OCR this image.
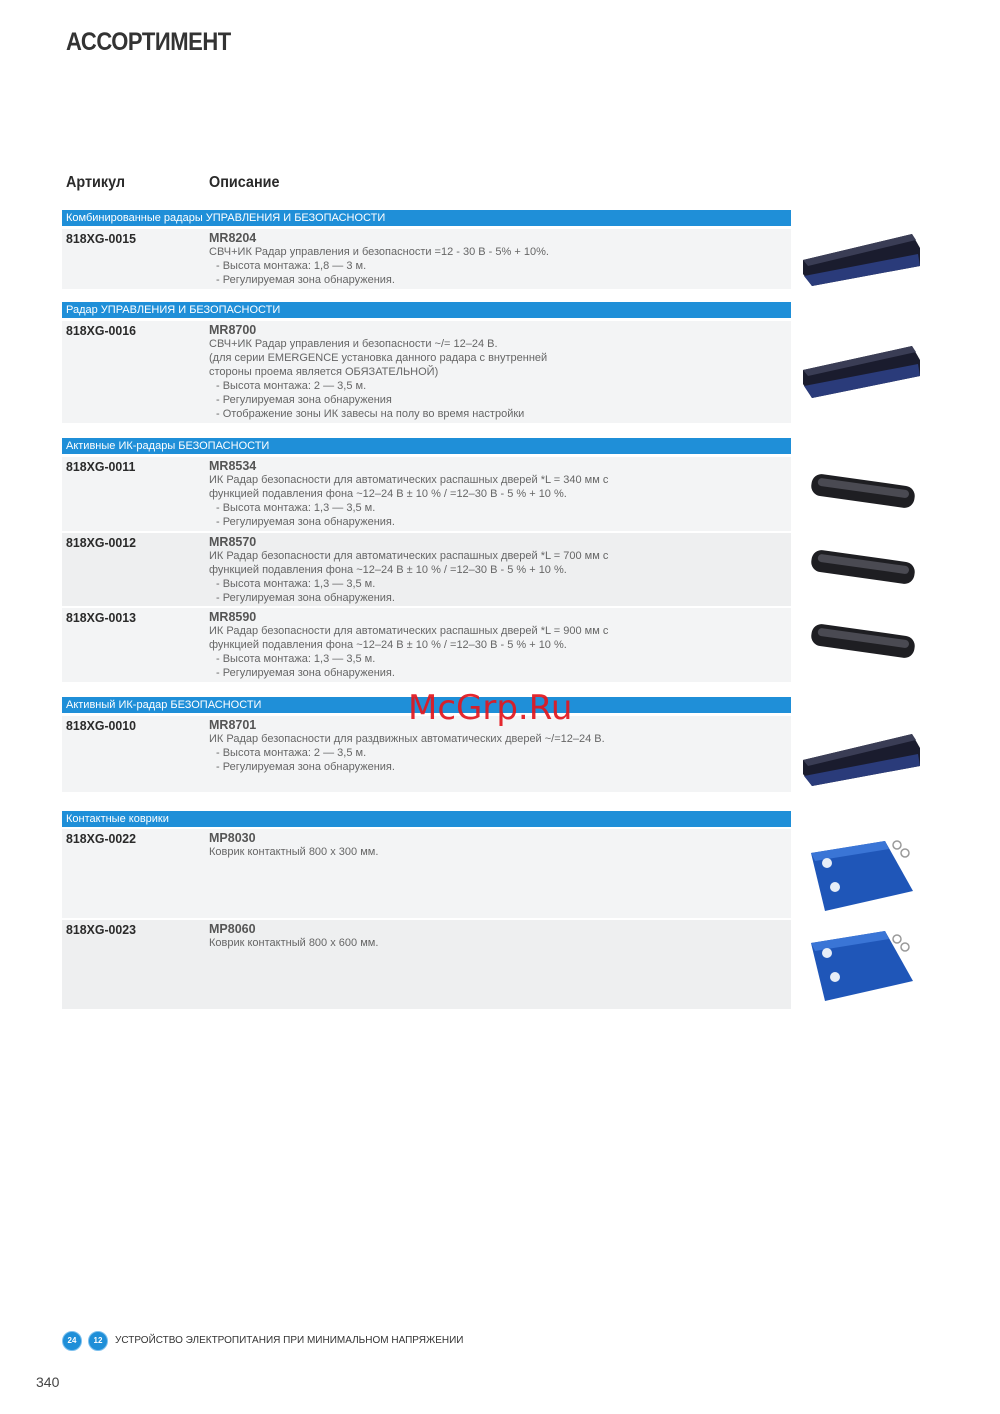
АССОРТИМЕНТ
Артикул	Описание
Комбинированные радары УПРАВЛЕНИЯ И БЕЗОПАСНОСТИ
818XG-0015	MR8204
СВЧ+ИК Радар управления и безопасности =12 - 30 В - 5% + 10%.
- Высота монтажа: 1,8 — 3 м.
- Регулируемая зона обнаружения.
Радар УПРАВЛЕНИЯ И БЕЗОПАСНОСТИ
818XG-0016	MR8700
СВЧ+ИК Радар управления и безопасности ~/= 12–24 В.
(для серии EMERGENCE установка данного радара с внутренней
стороны проема является ОБЯЗАТЕЛЬНОЙ)
- Высота монтажа: 2 — 3,5 м.
- Регулируемая зона обнаружения
- Отображение зоны ИК завесы на полу во время настройки
Активные ИК-радары БЕЗОПАСНОСТИ
818XG-0011	MR8534
ИК Радар безопасности для автоматических распашных дверей *L = 340 мм с
функцией подавления фона ~12–24 В ± 10 % / =12–30 В - 5 % + 10 %.
- Высота монтажа: 1,3 — 3,5 м.
- Регулируемая зона обнаружения.
818XG-0012	MR8570
ИК Радар безопасности для автоматических распашных дверей *L = 700 мм с
функцией подавления фона ~12–24 В ± 10 % / =12–30 В - 5 % + 10 %.
- Высота монтажа: 1,3 — 3,5 м.
- Регулируемая зона обнаружения.
818XG-0013	MR8590
ИК Радар безопасности для автоматических распашных дверей *L = 900 мм с
функцией подавления фона ~12–24 В ± 10 % / =12–30 В - 5 % + 10 %.
- Высота монтажа: 1,3 — 3,5 м.
- Регулируемая зона обнаружения.
Активный ИК-радар БЕЗОПАСНОСТИ
818XG-0010	MR8701
ИК Радар безопасности для раздвижных автоматических дверей ~/=12–24 В.
- Высота монтажа: 2 — 3,5 м.
- Регулируемая зона обнаружения.
Контактные коврики
818XG-0022	MP8030
Коврик контактный 800 х 300 мм.
818XG-0023	MP8060
Коврик контактный 800 х 600 мм.
McGrp.Ru
24	12	УСТРОЙСТВО ЭЛЕКТРОПИТАНИЯ ПРИ МИНИМАЛЬНОМ НАПРЯЖЕНИИ
340
